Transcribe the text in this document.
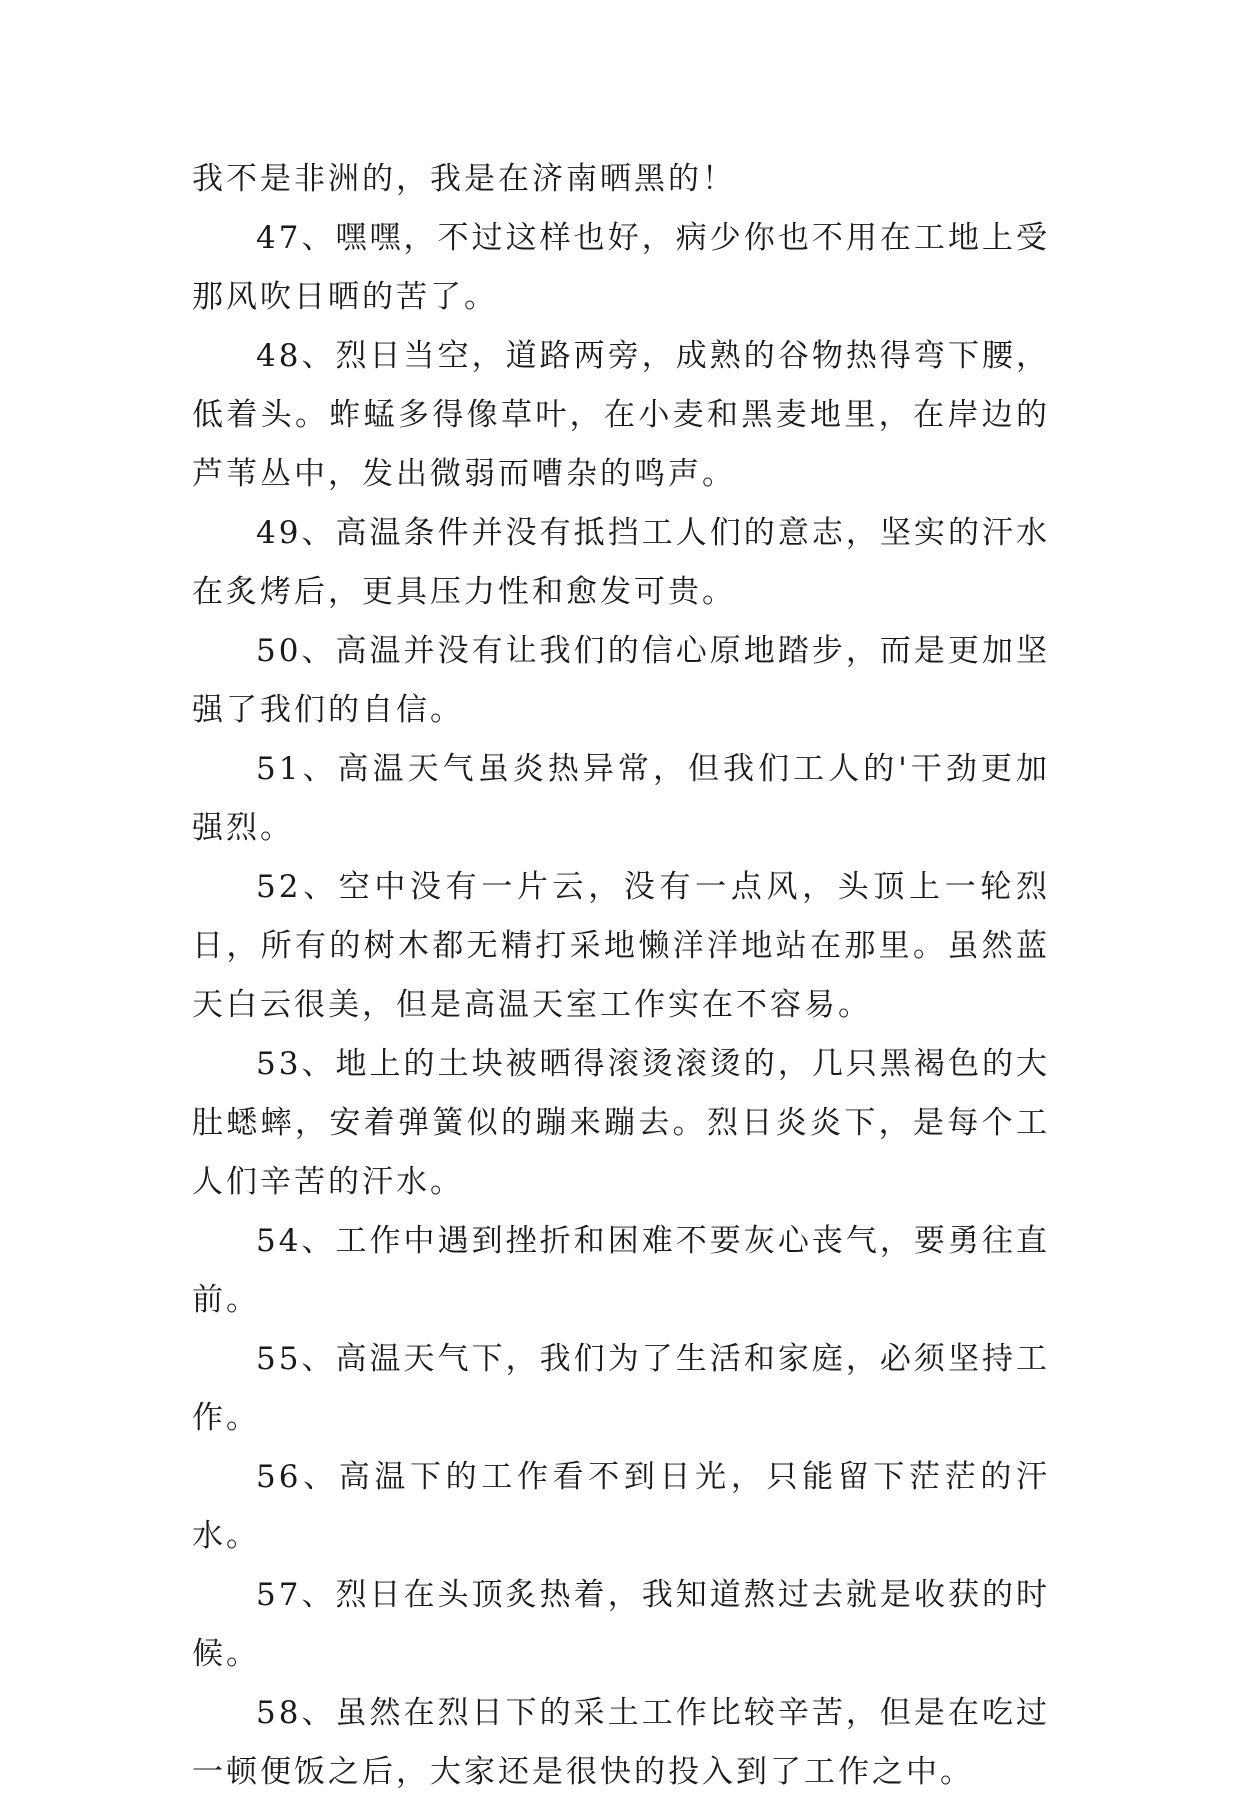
我不是非洲的，我是在济南晒黑的！

47、嘿嘿，不过这样也好，病少你也不用在工地上受那风吹日晒的苦了。

48、烈日当空，道路两旁，成熟的谷物热得弯下腰，低着头。蚱蜢多得像草叶，在小麦和黑麦地里，在岸边的芦苇丛中，发出微弱而嘈杂的鸣声。

49、高温条件并没有抵挡工人们的意志，坚实的汗水在炙烤后，更具压力性和愈发可贵。

50、高温并没有让我们的信心原地踏步，而是更加坚强了我们的自信。

51、高温天气虽炎热异常，但我们工人的'干劲更加强烈。

52、空中没有一片云，没有一点风，头顶上一轮烈日，所有的树木都无精打采地懒洋洋地站在那里。虽然蓝天白云很美，但是高温天室工作实在不容易。

53、地上的土块被晒得滚烫滚烫的，几只黑褐色的大肚蟋蟀，安着弹簧似的蹦来蹦去。烈日炎炎下，是每个工人们辛苦的汗水。

54、工作中遇到挫折和困难不要灰心丧气，要勇往直前。

55、高温天气下，我们为了生活和家庭，必须坚持工作。

56、高温下的工作看不到日光，只能留下茫茫的汗水。

57、烈日在头顶炙热着，我知道熬过去就是收获的时候。

58、虽然在烈日下的采土工作比较辛苦，但是在吃过一顿便饭之后，大家还是很快的投入到了工作之中。
